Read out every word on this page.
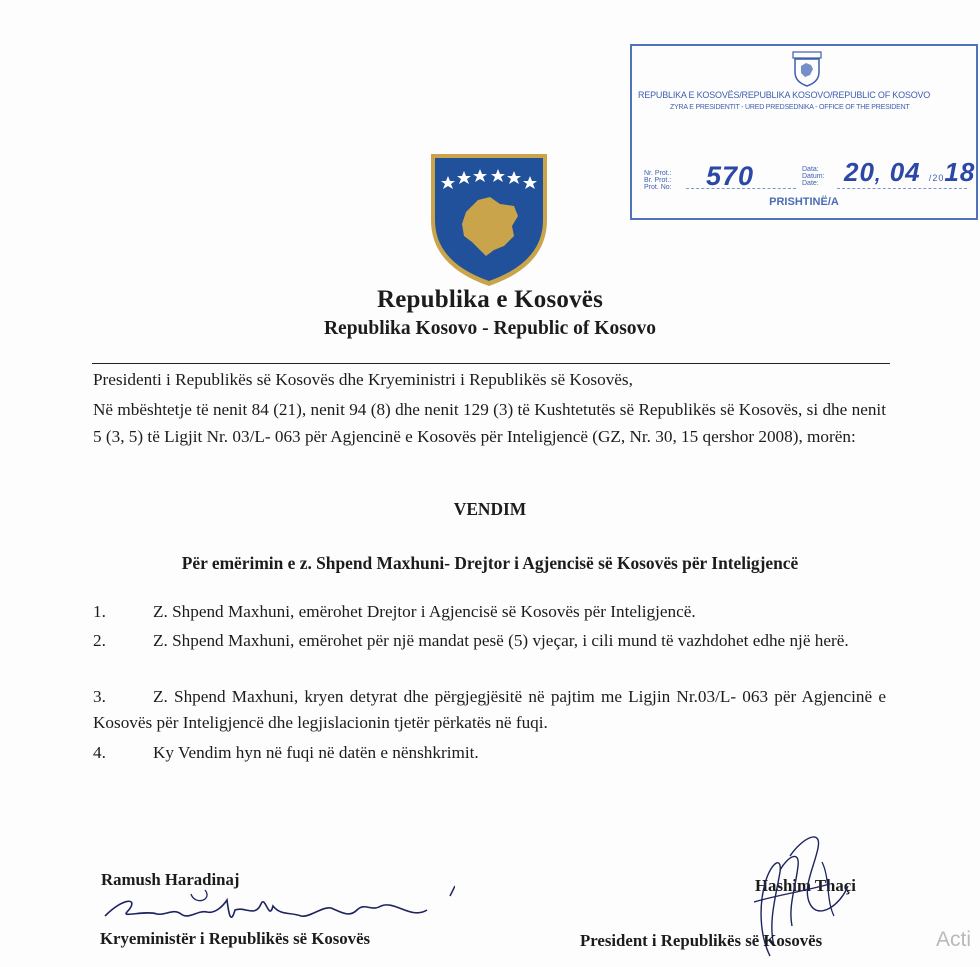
REPUBLIKA E KOSOVËS/REPUBLIKA KOSOVO/REPUBLIC OF KOSOVO
ZYRA E PRESIDENTIT - URED PREDSEDNIKA - OFFICE OF THE PRESIDENT
Nr. Prot.:
Br. Prot.:
Prot. No: 570	Data:
Datum:
Date: 20, 04 /2018
PRISHTINË/A
Republika e Kosovës
Republika Kosovo - Republic of Kosovo
Presidenti i Republikës së Kosovës dhe Kryeministri i Republikës së Kosovës,
Në mbështetje të nenit 84 (21), nenit 94 (8) dhe nenit 129 (3) të Kushtetutës së Republikës së Kosovës, si dhe nenit 5 (3, 5) të Ligjit Nr. 03/L- 063 për Agjencinë e Kosovës për Inteligjencë (GZ, Nr. 30, 15 qershor 2008), morën:
VENDIM
Për emërimin e z. Shpend Maxhuni- Drejtor i Agjencisë së Kosovës për Inteligjencë
1.	Z. Shpend Maxhuni, emërohet Drejtor i Agjencisë së Kosovës për Inteligjencë.
2.	Z. Shpend Maxhuni, emërohet për një mandat pesë (5) vjeçar, i cili mund të vazhdohet edhe një herë.
3.	Z. Shpend Maxhuni, kryen detyrat dhe përgjegjësitë në pajtim me Ligjin Nr.03/L- 063 për Agjencinë e Kosovës për Inteligjencë dhe legjislacionin tjetër përkatës në fuqi.
4.	Ky Vendim hyn në fuqi në datën e nënshkrimit.
Ramush Haradinaj
Kryeministër i Republikës së Kosovës
Hashim Thaçi
President i Republikës së Kosovës	Acti
